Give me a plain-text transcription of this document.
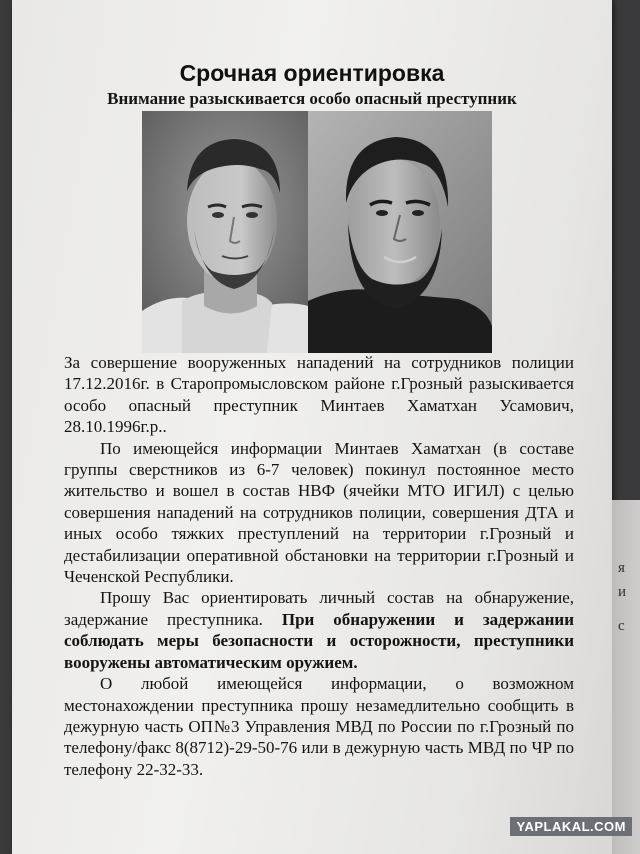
Срочная ориентировка
Внимание разыскивается особо опасный преступник

За совершение вооруженных нападений на сотрудников полиции 17.12.2016г. в Старопромысловском районе г.Грозный разыскивается особо опасный преступник Минтаев Хаматхан Усамович, 28.10.1996г.р..

По имеющейся информации Минтаев Хаматхан (в составе группы сверстников из 6-7 человек) покинул постоянное место жительство и вошел в состав НВФ (ячейки МТО ИГИЛ) с целью совершения нападений на сотрудников полиции, совершения ДТА и иных особо тяжких преступлений на территории г.Грозный и дестабилизации оперативной обстановки на территории г.Грозный и Чеченской Республики.

Прошу Вас ориентировать личный состав на обнаружение, задержание преступника. При обнаружении и задержании соблюдать меры безопасности и осторожности, преступники вооружены автоматическим оружием.

О любой имеющейся информации, о возможном местонахождении преступника прошу незамедлительно сообщить в дежурную часть ОП№3 Управления МВД по России по г.Грозный по телефону/факс 8(8712)-29-50-76 или в дежурную часть МВД по ЧР по телефону 22-32-33.

я
и
с
YAPLAKAL.COM
